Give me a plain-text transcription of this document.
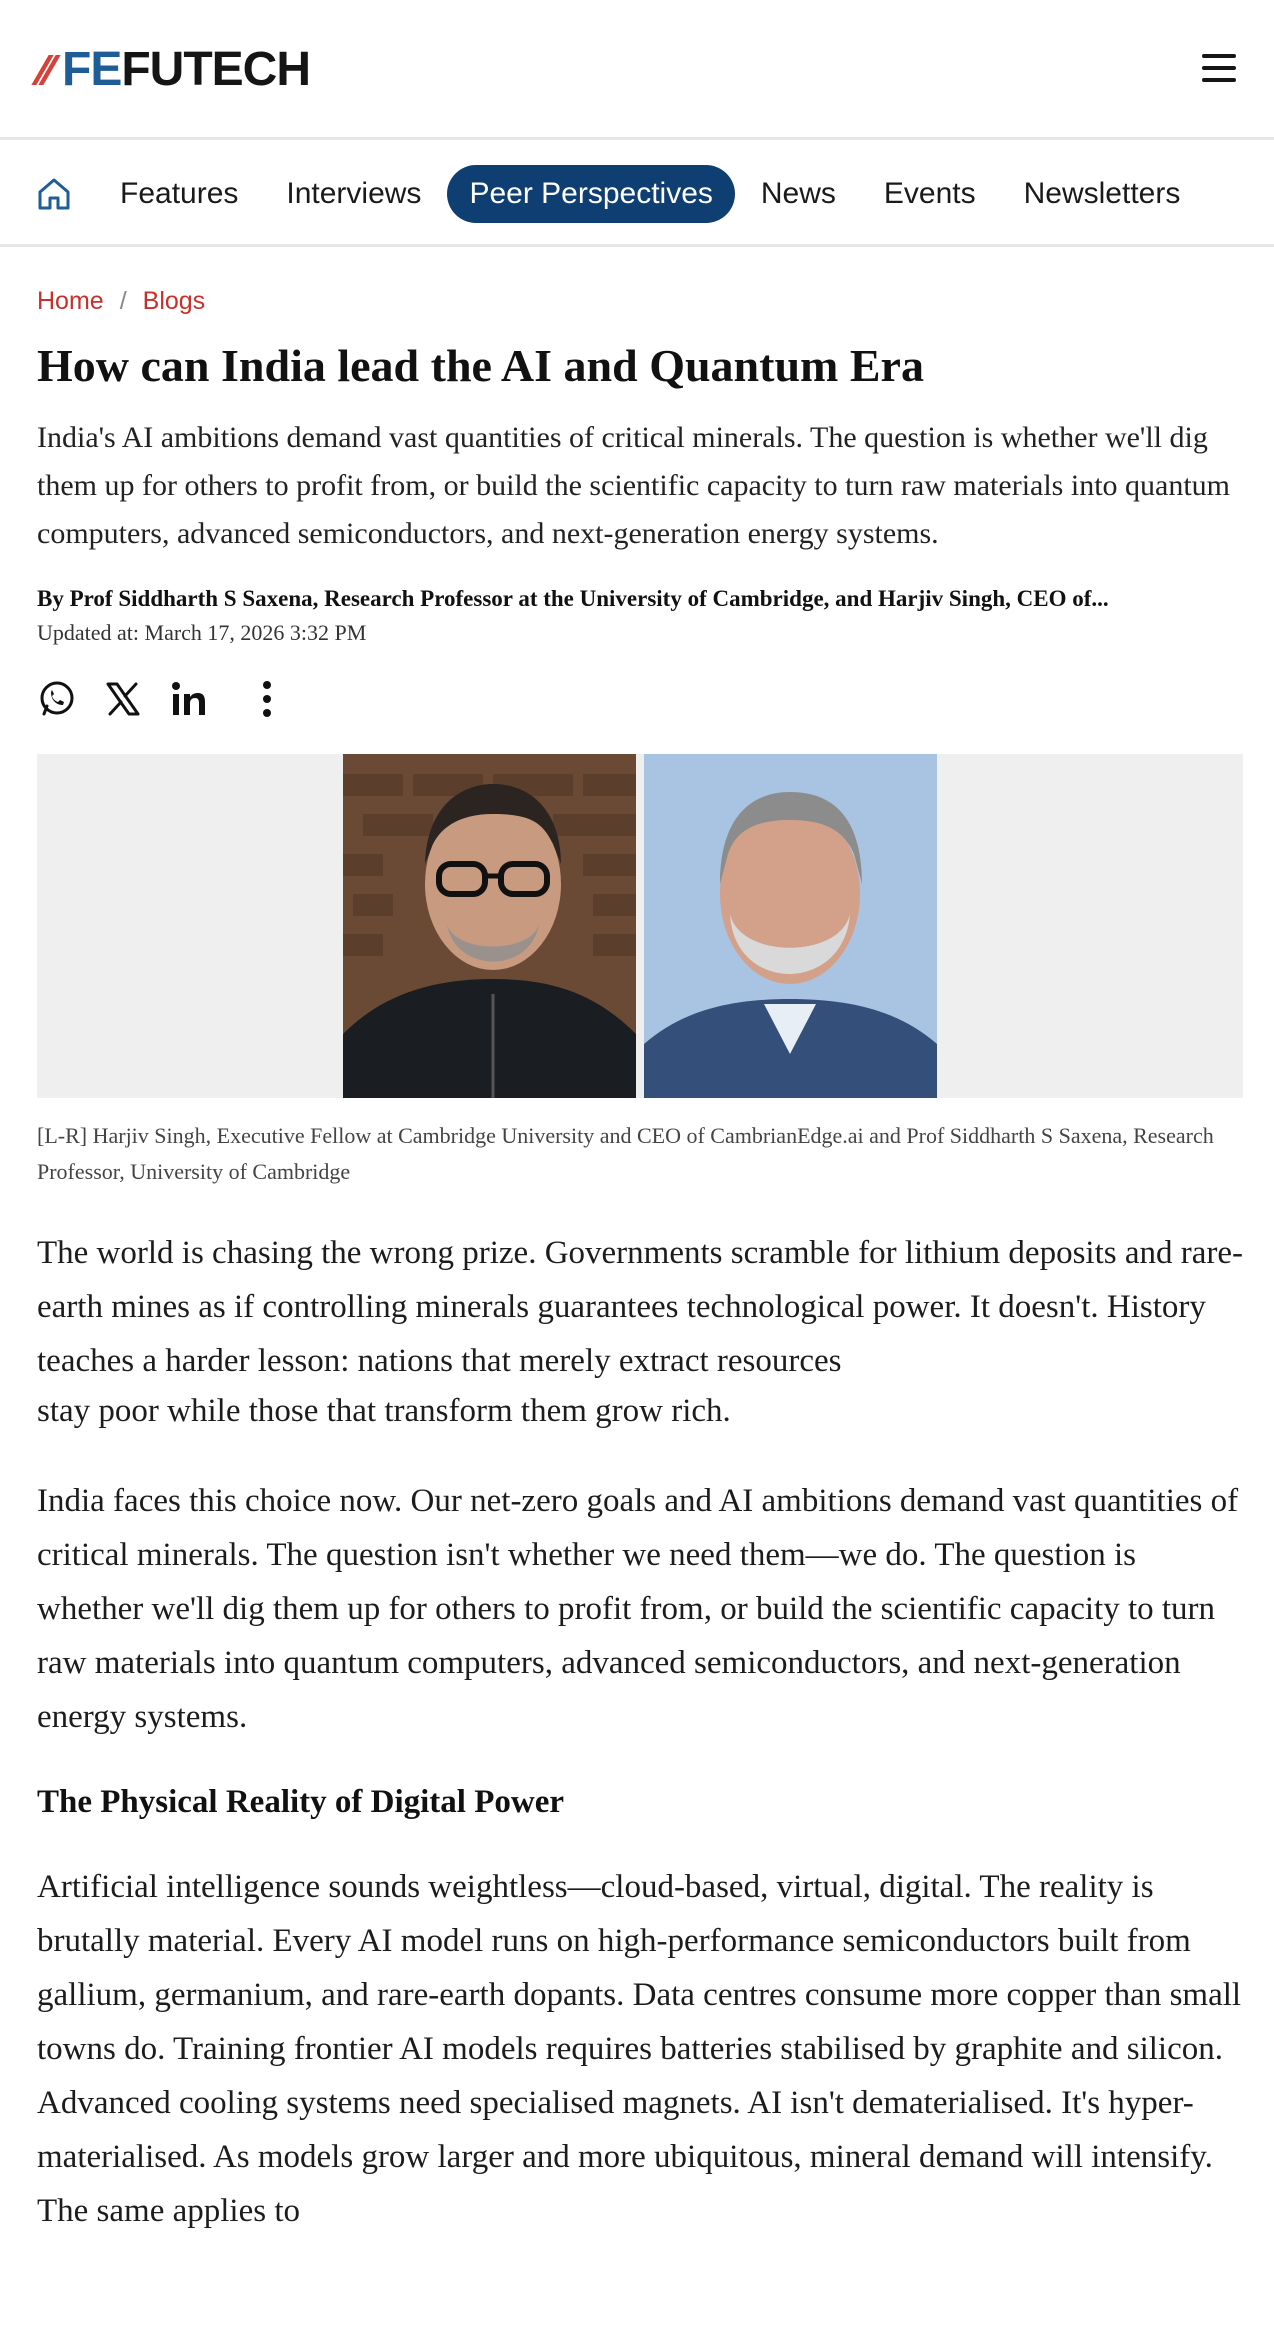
FE FUTECH
Features	Interviews	Peer Perspectives	News	Events	Newsletters
Home / Blogs
How can India lead the AI and Quantum Era

India's AI ambitions demand vast quantities of critical minerals. The question is whether we'll dig them up for others to profit from, or build the scientific capacity to turn raw materials into quantum computers, advanced semiconductors, and next-generation energy systems.

By Prof Siddharth S Saxena, Research Professor at the University of Cambridge, and Harjiv Singh, CEO of...
Updated at: March 17, 2026 3:32 PM

[L-R] Harjiv Singh, Executive Fellow at Cambridge University and CEO of CambrianEdge.ai and Prof Siddharth S Saxena, Research Professor, University of Cambridge

The world is chasing the wrong prize. Governments scramble for lithium deposits and rare-earth mines as if controlling minerals guarantees technological power. It doesn't. History teaches a harder lesson: nations that merely extract resources

stay poor while those that transform them grow rich.

India faces this choice now. Our net-zero goals and AI ambitions demand vast quantities of critical minerals. The question isn't whether we need them—we do. The question is whether we'll dig them up for others to profit from, or build the scientific capacity to turn raw materials into quantum computers, advanced semiconductors, and next-generation energy systems.

The Physical Reality of Digital Power

Artificial intelligence sounds weightless—cloud-based, virtual, digital. The reality is brutally material. Every AI model runs on high-performance semiconductors built from gallium, germanium, and rare-earth dopants. Data centres consume more copper than small towns do. Training frontier AI models requires batteries stabilised by graphite and silicon. Advanced cooling systems need specialised magnets. AI isn't dematerialised. It's hyper-materialised. As models grow larger and more ubiquitous, mineral demand will intensify. The same applies to
